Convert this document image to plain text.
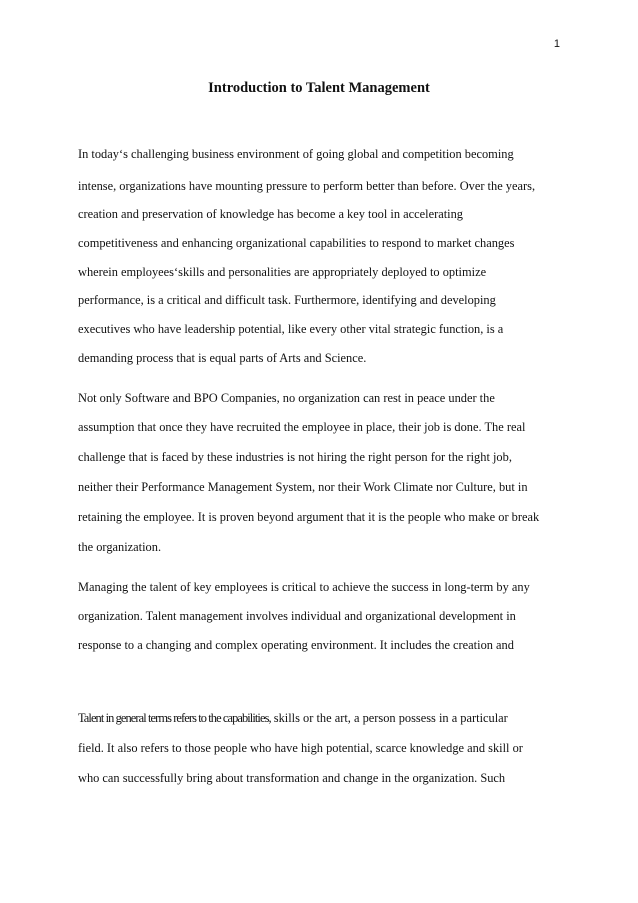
1
Introduction to Talent Management
In today‘s challenging business environment of going global and competition becoming
intense, organizations have mounting pressure to perform better than before. Over the years,
creation and preservation of knowledge has become a key tool in accelerating
competitiveness and enhancing organizational capabilities to respond to market changes
wherein employees‘skills and personalities are appropriately deployed to optimize
performance, is a critical and difficult task. Furthermore, identifying and developing
executives who have leadership potential, like every other vital strategic function, is a
demanding process that is equal parts of Arts and Science.
Not only Software and BPO Companies, no organization can rest in peace under the
assumption that once they have recruited the employee in place, their job is done. The real
challenge that is faced by these industries is not hiring the right person for the right job,
neither their Performance Management System, nor their Work Climate nor Culture, but in
retaining the employee. It is proven beyond argument that it is the people who make or break
the organization.
Managing the talent of key employees is critical to achieve the success in long-term by any
organization. Talent management involves individual and organizational development in
response to a changing and complex operating environment. It includes the creation and
Talent in general terms refers to the capabilities, skills or the art, a person possess in a particular
field. It also refers to those people who have high potential, scarce knowledge and skill or
who can successfully bring about transformation and change in the organization. Such
